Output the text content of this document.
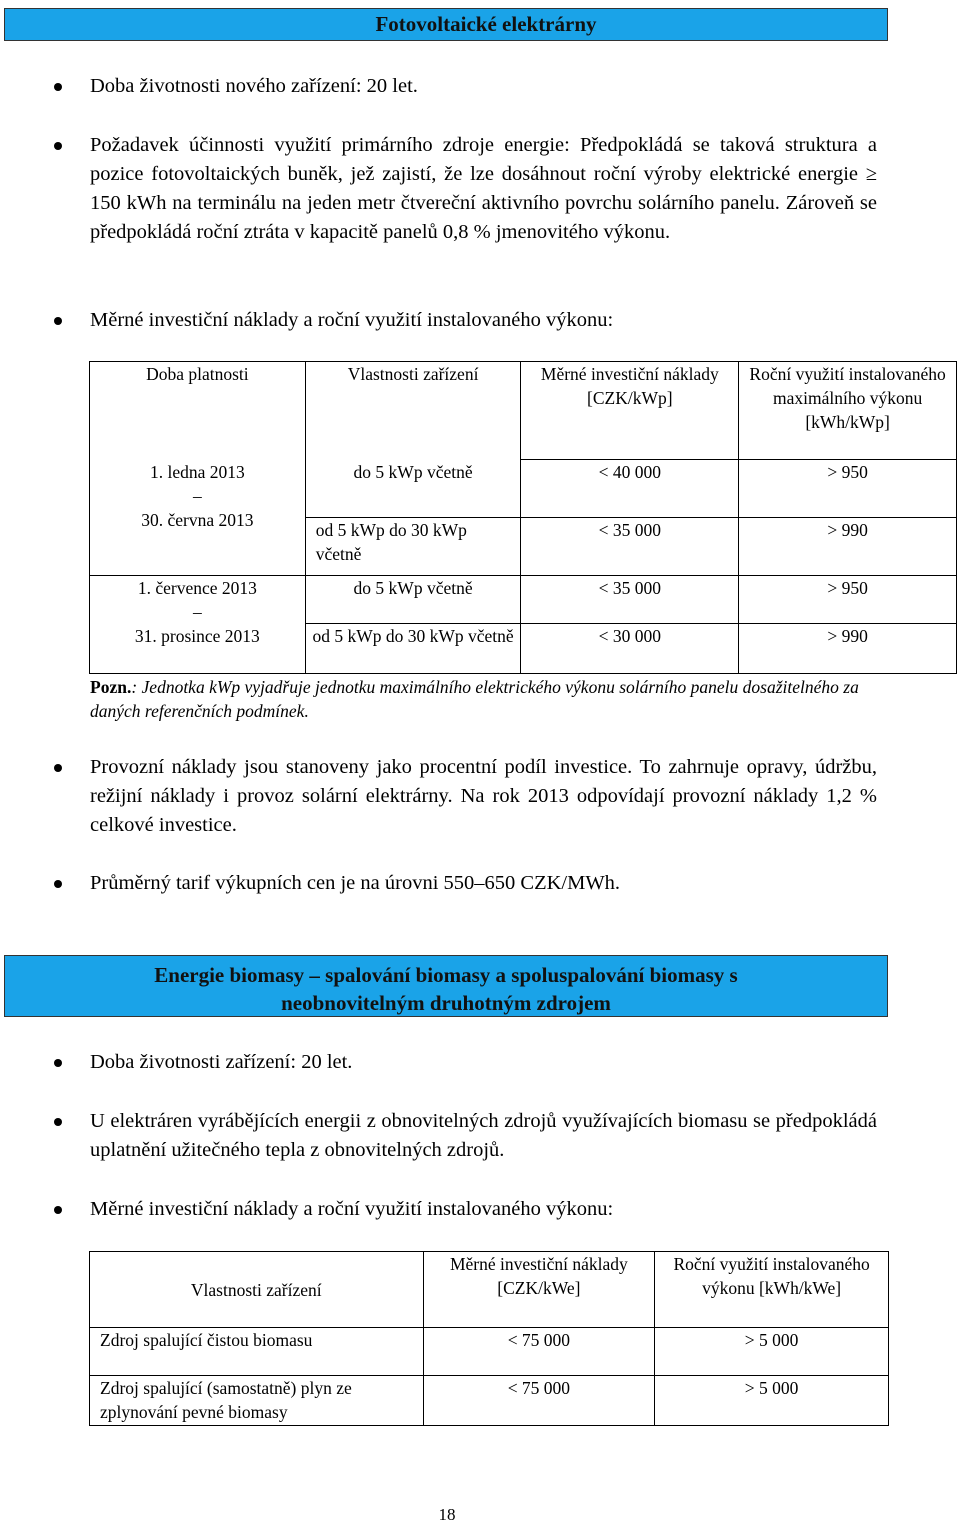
Fotovoltaické elektrárny
Doba životnosti nového zařízení: 20 let.
Požadavek účinnosti využití primárního zdroje energie: Předpokládá se taková struktura a pozice fotovoltaických buněk, jež zajistí, že lze dosáhnout roční výroby elektrické energie ≥ 150 kWh na terminálu na jeden metr čtvereční aktivního povrchu solárního panelu. Zároveň se předpokládá roční ztráta v kapacitě panelů 0,8 % jmenovitého výkonu.
Měrné investiční náklady a roční využití instalovaného výkonu:
Doba platnosti	Vlastnosti zařízení	Měrné investiční náklady [CZK/kWp]	Roční využití instalovaného maximálního výkonu [kWh/kWp]

1. ledna 2013
–
30. června 2013	do 5 kWp včetně	< 40 000	> 950
	od 5 kWp do 30 kWp včetně	< 35 000	> 990

1. července 2013
–
31. prosince 2013	do 5 kWp včetně	< 35 000	> 950
	od 5 kWp do 30 kWp včetně	< 30 000	> 990
Pozn.: Jednotka kWp vyjadřuje jednotku maximálního elektrického výkonu solárního panelu dosažitelného za daných referenčních podmínek.
Provozní náklady jsou stanoveny jako procentní podíl investice. To zahrnuje opravy, údržbu, režijní náklady i provoz solární elektrárny. Na rok 2013 odpovídají provozní náklady 1,2 % celkové investice.
Průměrný tarif výkupních cen je na úrovni 550–650 CZK/MWh.
Energie biomasy – spalování biomasy a spoluspalování biomasy s
neobnovitelným druhotným zdrojem
Doba životnosti zařízení: 20 let.
U elektráren vyrábějících energii z obnovitelných zdrojů využívajících biomasu se předpokládá uplatnění užitečného tepla z obnovitelných zdrojů.
Měrné investiční náklady a roční využití instalovaného výkonu:
Vlastnosti zařízení	Měrné investiční náklady [CZK/kWe]	Roční využití instalovaného výkonu [kWh/kWe]
Zdroj spalující čistou biomasu	< 75 000	> 5 000
Zdroj spalující (samostatně) plyn ze zplynování pevné biomasy	< 75 000	> 5 000
18
